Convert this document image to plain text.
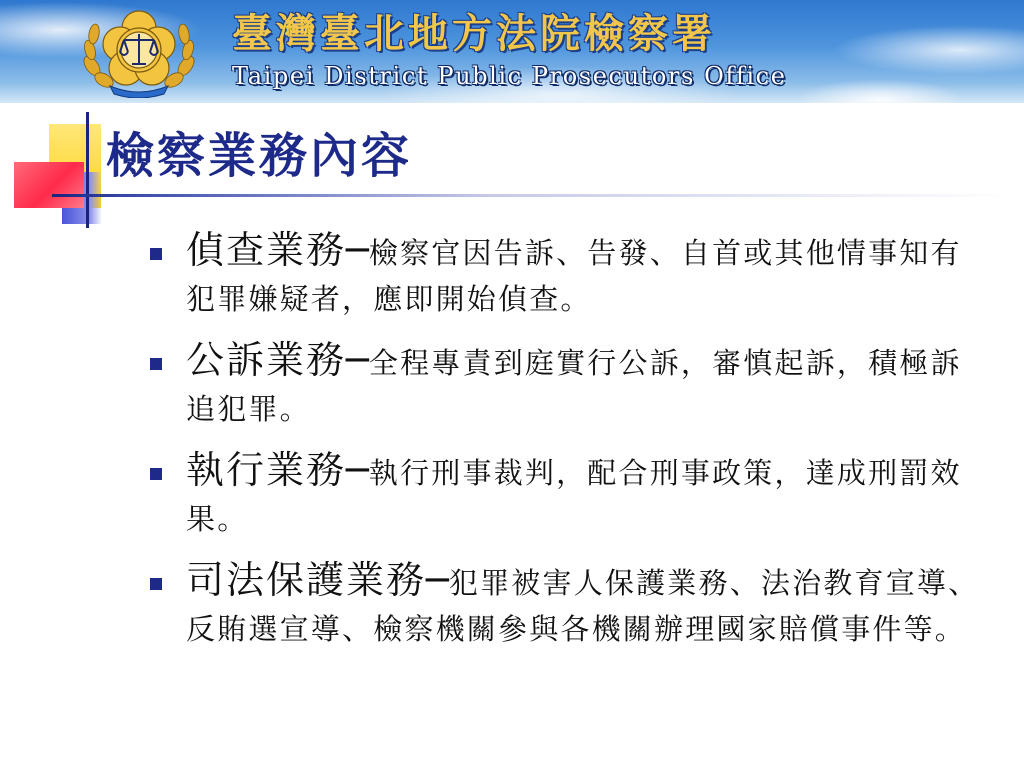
臺灣臺北地方法院檢察署
Taipei District Public Prosecutors Office
檢察業務內容
偵查業務─檢察官因告訴、告發、自首或其他情事知有犯罪嫌疑者，應即開始偵查。
公訴業務─全程專責到庭實行公訴，審慎起訴，積極訴追犯罪。
執行業務─執行刑事裁判，配合刑事政策，達成刑罰效果。
司法保護業務─犯罪被害人保護業務、法治教育宣導、反賄選宣導、檢察機關參與各機關辦理國家賠償事件等。
